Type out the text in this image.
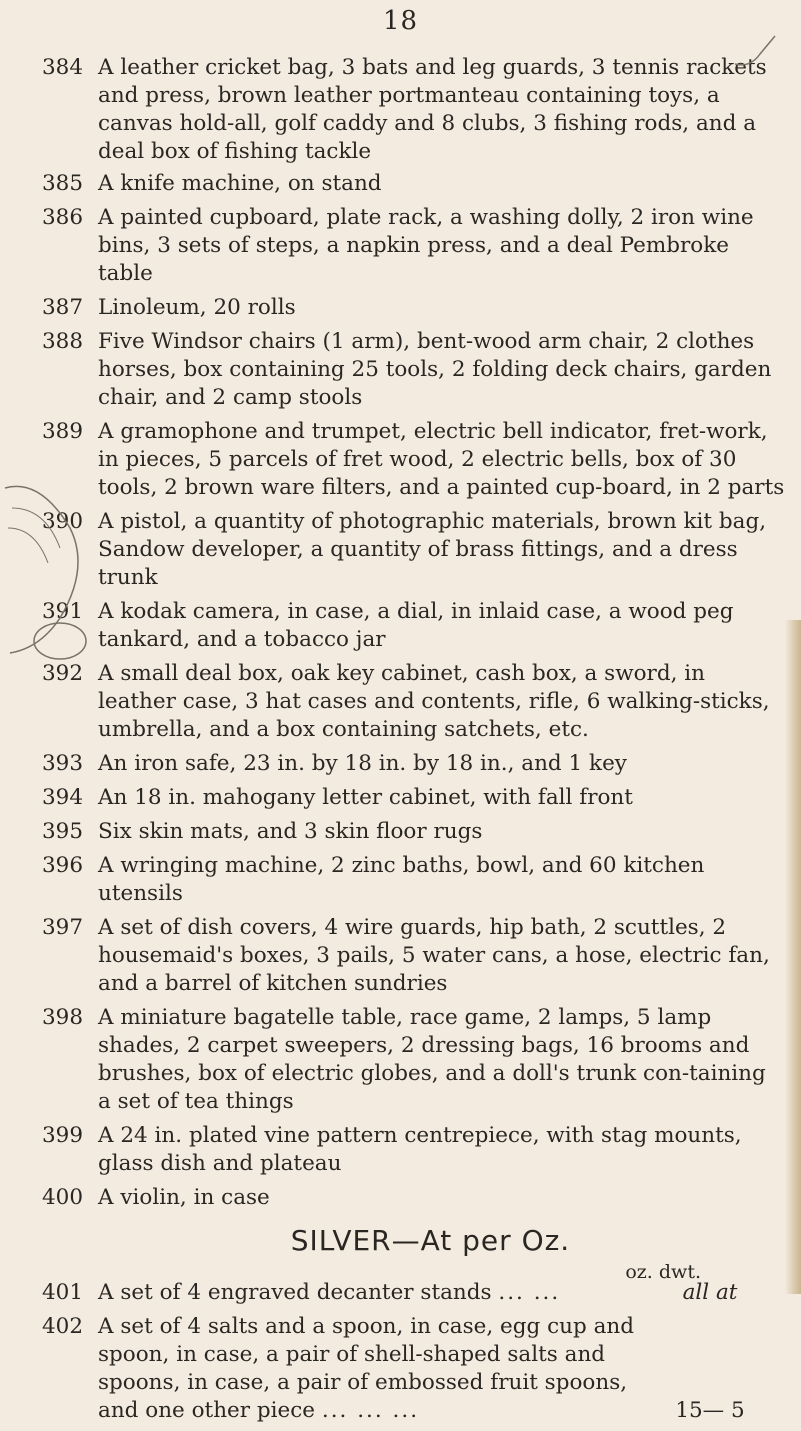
18
384 A leather cricket bag, 3 bats and leg guards, 3 tennis rackets and press, brown leather portmanteau containing toys, a canvas hold-all, golf caddy and 8 clubs, 3 fishing rods, and a deal box of fishing tackle
385 A knife machine, on stand
386 A painted cupboard, plate rack, a washing dolly, 2 iron wine bins, 3 sets of steps, a napkin press, and a deal Pembroke table
387 Linoleum, 20 rolls
388 Five Windsor chairs (1 arm), bent-wood arm chair, 2 clothes horses, box containing 25 tools, 2 folding deck chairs, garden chair, and 2 camp stools
389 A gramophone and trumpet, electric bell indicator, fret-work, in pieces, 5 parcels of fret wood, 2 electric bells, box of 30 tools, 2 brown ware filters, and a painted cup-board, in 2 parts
390 A pistol, a quantity of photographic materials, brown kit bag, Sandow developer, a quantity of brass fittings, and a dress trunk
391 A kodak camera, in case, a dial, in inlaid case, a wood peg tankard, and a tobacco jar
392 A small deal box, oak key cabinet, cash box, a sword, in leather case, 3 hat cases and contents, rifle, 6 walking-sticks, umbrella, and a box containing satchets, etc.
393 An iron safe, 23 in. by 18 in. by 18 in., and 1 key
394 An 18 in. mahogany letter cabinet, with fall front
395 Six skin mats, and 3 skin floor rugs
396 A wringing machine, 2 zinc baths, bowl, and 60 kitchen utensils
397 A set of dish covers, 4 wire guards, hip bath, 2 scuttles, 2 housemaid's boxes, 3 pails, 5 water cans, a hose, electric fan, and a barrel of kitchen sundries
398 A miniature bagatelle table, race game, 2 lamps, 5 lamp shades, 2 carpet sweepers, 2 dressing bags, 16 brooms and brushes, box of electric globes, and a doll's trunk con-taining a set of tea things
399 A 24 in. plated vine pattern centrepiece, with stag mounts, glass dish and plateau
400 A violin, in case
SILVER—At per Oz.
oz. dwt.
401 A set of 4 engraved decanter stands ... ...	all at
402 A set of 4 salts and a spoon, in case, egg cup and spoon, in case, a pair of shell-shaped salts and spoons, in case, a pair of embossed fruit spoons, and one other piece ... ... ...	15— 5
